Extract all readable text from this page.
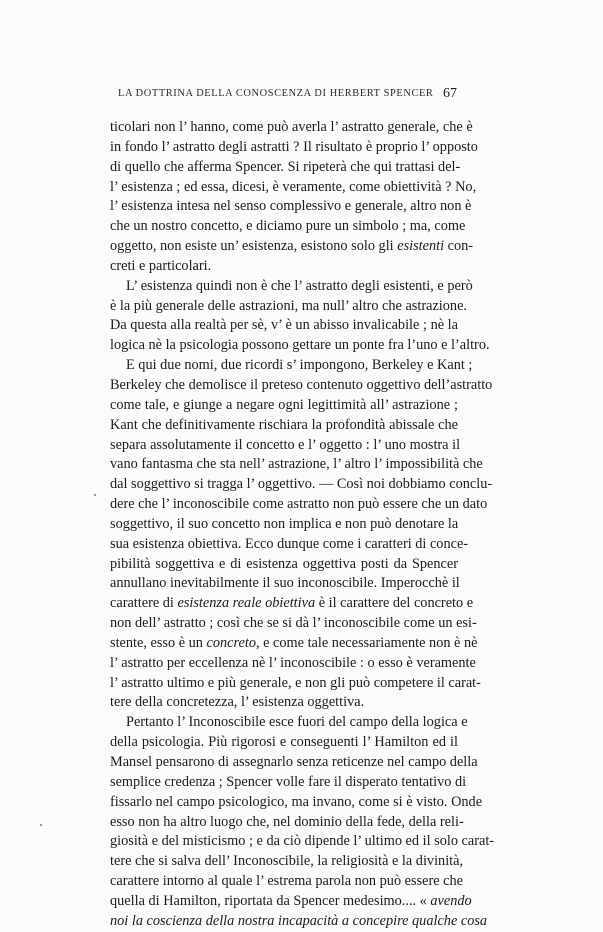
LA DOTTRINA DELLA CONOSCENZA DI HERBERT SPENCER 67
ticolari non l’ hanno, come può averla l’ astratto generale, che è
in fondo l’ astratto degli astratti ? Il risultato è proprio l’ opposto
di quello che afferma Spencer. Si ripeterà che qui trattasi del-
l’ esistenza ; ed essa, dicesi, è veramente, come obiettività ? No,
l’ esistenza intesa nel senso complessivo e generale, altro non è
che un nostro concetto, e diciamo pure un simbolo ; ma, come
oggetto, non esiste un’ esistenza, esistono solo gli esistenti con-
creti e particolari.
L’ esistenza quindi non è che l’ astratto degli esistenti, e però
è la più generale delle astrazioni, ma null’ altro che astrazione.
Da questa alla realtà per sè, v’ è un abisso invalicabile ; nè la
logica nè la psicologia possono gettare un ponte fra l’uno e l’altro.
E qui due nomi, due ricordi s’ impongono, Berkeley e Kant ;
Berkeley che demolisce il preteso contenuto oggettivo dell’astratto
come tale, e giunge a negare ogni legittimità all’ astrazione ;
Kant che definitivamente rischiara la profondità abissale che
separa assolutamente il concetto e l’ oggetto : l’ uno mostra il
vano fantasma che sta nell’ astrazione, l’ altro l’ impossibilità che
dal soggettivo si tragga l’ oggettivo. — Così noi dobbiamo conclu-
dere che l’ inconoscibile come astratto non può essere che un dato
soggettivo, il suo concetto non implica e non può denotare la
sua esistenza obiettiva. Ecco dunque come i caratteri di conce-
pibilità soggettiva e di esistenza oggettiva posti da Spencer
annullano inevitabilmente il suo inconoscibile. Imperocchè il
carattere di esistenza reale obiettiva è il carattere del concreto e
non dell’ astratto ; così che se si dà l’ inconoscibile come un esi-
stente, esso è un concreto, e come tale necessariamente non è nè
l’ astratto per eccellenza nè l’ inconoscibile : o esso è veramente
l’ astratto ultimo e più generale, e non gli può competere il carat-
tere della concretezza, l’ esistenza oggettiva.
Pertanto l’ Inconoscibile esce fuori del campo della logica e
della psicologia. Più rigorosi e conseguenti l’ Hamilton ed il
Mansel pensarono di assegnarlo senza reticenze nel campo della
semplice credenza ; Spencer volle fare il disperato tentativo di
fissarlo nel campo psicologico, ma invano, come si è visto. Onde
esso non ha altro luogo che, nel dominio della fede, della reli-
giosità e del misticismo ; e da ciò dipende l’ ultimo ed il solo carat-
tere che si salva dell’ Inconoscibile, la religiosità e la divinità,
carattere intorno al quale l’ estrema parola non può essere che
quella di Hamilton, riportata da Spencer medesimo.... « avendo
noi la coscienza della nostra incapacità a concepire qualche cosa
